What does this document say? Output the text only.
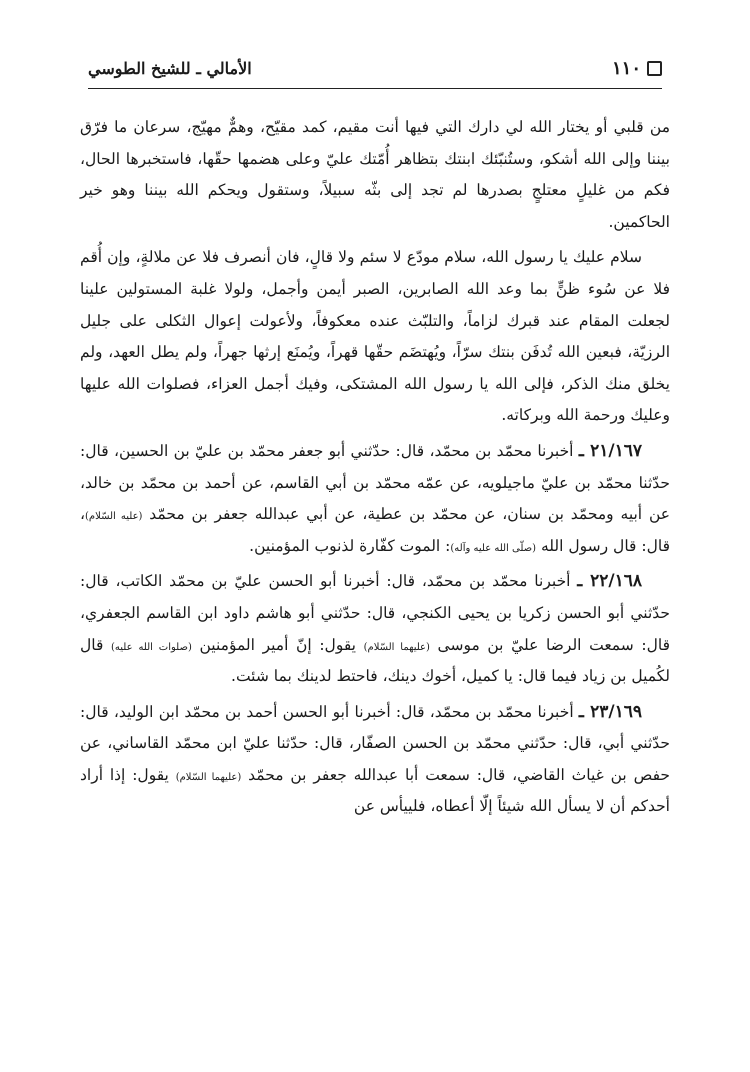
١١٠
الأمالي ـ للشيخ الطوسي

من قلبي أو يختار الله لي دارك التي فيها أنت مقيم، كمد مقيّح، وهمٌّ مهيّج، سرعان ما فرّق بيننا وإلى الله أشكو، وستُنبّئك ابنتك بتظاهر أُمّتك عليّ وعلى هضمها حقّها، فاستخبرها الحال، فكم من غليلٍ معتلجٍ بصدرها لم تجد إلى بثّه سبيلاً، وستقول ويحكم الله بيننا وهو خير الحاكمين.

سلام عليك يا رسول الله، سلام مودّع لا سئم ولا قالٍ، فان أنصرف فلا عن ملالةٍ، وإن أُقم فلا عن سُوء ظنٍّ بما وعد الله الصابرين، الصبر أيمن وأجمل، ولولا غلبة المستولين علينا لجعلت المقام عند قبرك لزاماً، والتلبّث عنده معكوفاً، ولأعولت إعوال الثكلى على جليل الرزيّة، فبعين الله تُدفَن بنتك سرّاً، ويُهتضَم حقّها قهراً، ويُمنَع إرثها جهراً، ولم يطل العهد، ولم يخلق منك الذكر، فإلى الله يا رسول الله المشتكى، وفيك أجمل العزاء، فصلوات الله عليها وعليك ورحمة الله وبركاته.

٢١/١٦٧ ـ أخبرنا محمّد بن محمّد، قال: حدّثني أبو جعفر محمّد بن عليّ بن الحسين، قال: حدّثنا محمّد بن عليّ ماجيلويه، عن عمّه محمّد بن أبي القاسم، عن أحمد بن محمّد بن خالد، عن أبيه ومحمّد بن سنان، عن محمّد بن عطية، عن أبي عبدالله جعفر بن محمّد (عليه السّلام)، قال: قال رسول الله (صلّى الله عليه وآله): الموت كفّارة لذنوب المؤمنين.

٢٢/١٦٨ ـ أخبرنا محمّد بن محمّد، قال: أخبرنا أبو الحسن عليّ بن محمّد الكاتب، قال: حدّثني أبو الحسن زكريا بن يحيى الكنجي، قال: حدّثني أبو هاشم داود ابن القاسم الجعفري، قال: سمعت الرضا عليّ بن موسى (عليهما السّلام) يقول: إنّ أمير المؤمنين (صلوات الله عليه) قال لكُميل بن زياد فيما قال: يا كميل، أخوك دينك، فاحتط لدينك بما شئت.

٢٣/١٦٩ ـ أخبرنا محمّد بن محمّد، قال: أخبرنا أبو الحسن أحمد بن محمّد ابن الوليد، قال: حدّثني أبي، قال: حدّثني محمّد بن الحسن الصفّار، قال: حدّثنا عليّ ابن محمّد القاساني، عن حفص بن غياث القاضي، قال: سمعت أبا عبدالله جعفر بن محمّد (عليهما السّلام) يقول: إذا أراد أحدكم أن لا يسأل الله شيئاً إلّا أعطاه، فلييأس عن
